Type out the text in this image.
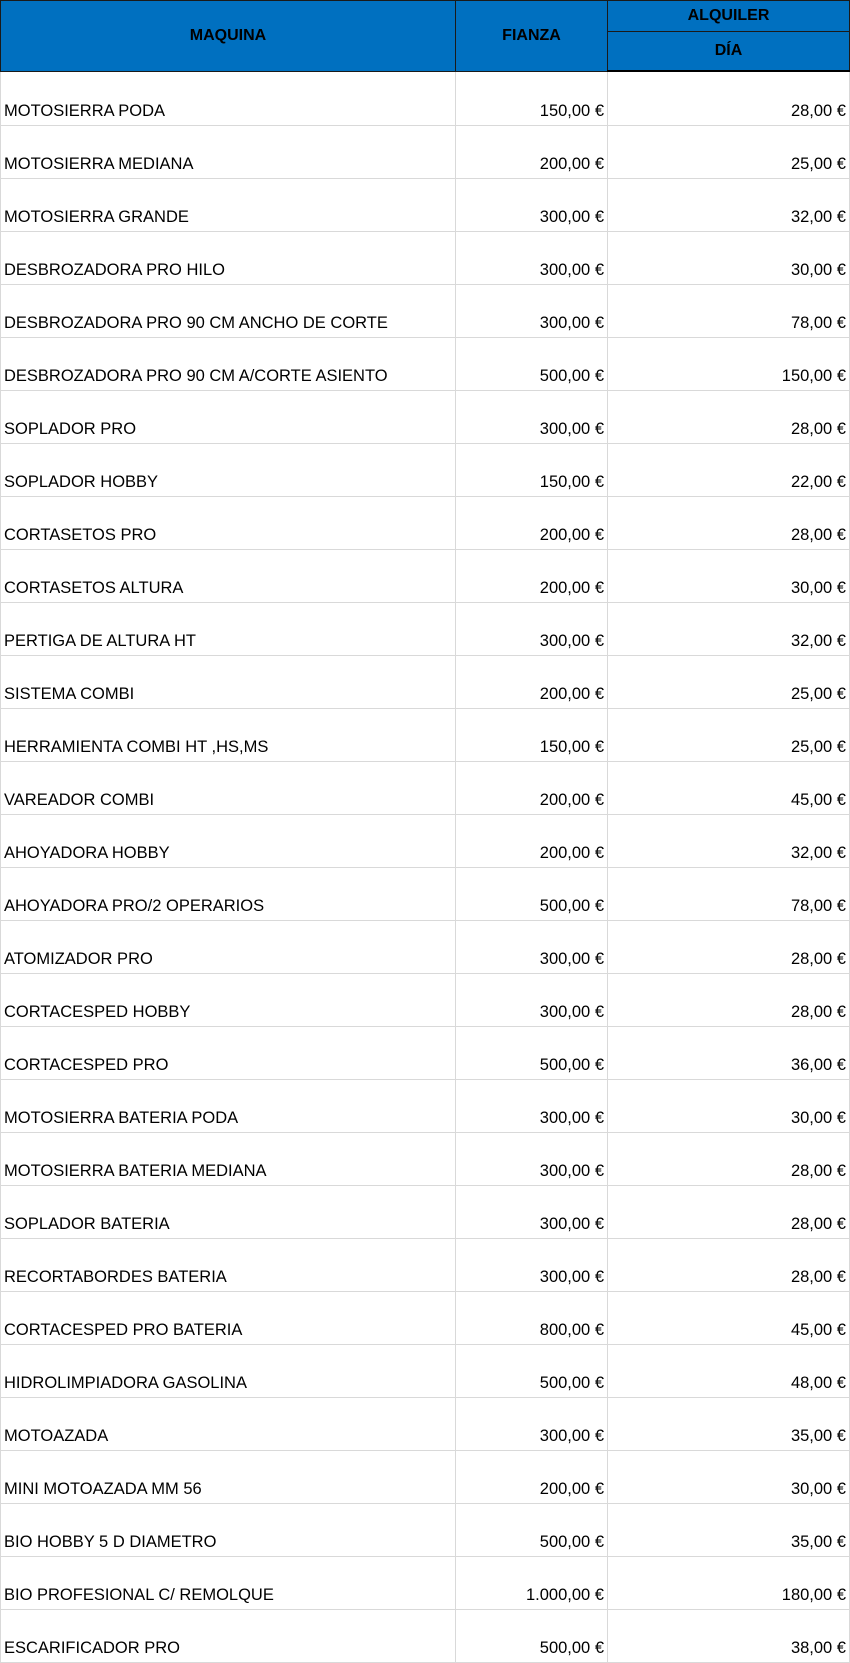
MAQUINA	FIANZA	ALQUILER
		DÍA
MOTOSIERRA PODA	150,00 €	28,00 €
MOTOSIERRA MEDIANA	200,00 €	25,00 €
MOTOSIERRA GRANDE	300,00 €	32,00 €
DESBROZADORA PRO HILO	300,00 €	30,00 €
DESBROZADORA PRO 90 CM ANCHO DE CORTE	300,00 €	78,00 €
DESBROZADORA PRO 90 CM A/CORTE ASIENTO	500,00 €	150,00 €
SOPLADOR PRO	300,00 €	28,00 €
SOPLADOR HOBBY	150,00 €	22,00 €
CORTASETOS PRO	200,00 €	28,00 €
CORTASETOS ALTURA	200,00 €	30,00 €
PERTIGA DE ALTURA HT	300,00 €	32,00 €
SISTEMA COMBI	200,00 €	25,00 €
HERRAMIENTA COMBI HT ,HS,MS	150,00 €	25,00 €
VAREADOR COMBI	200,00 €	45,00 €
AHOYADORA HOBBY	200,00 €	32,00 €
AHOYADORA PRO/2 OPERARIOS	500,00 €	78,00 €
ATOMIZADOR PRO	300,00 €	28,00 €
CORTACESPED HOBBY	300,00 €	28,00 €
CORTACESPED PRO	500,00 €	36,00 €
MOTOSIERRA BATERIA PODA	300,00 €	30,00 €
MOTOSIERRA BATERIA MEDIANA	300,00 €	28,00 €
SOPLADOR BATERIA	300,00 €	28,00 €
RECORTABORDES BATERIA	300,00 €	28,00 €
CORTACESPED PRO BATERIA	800,00 €	45,00 €
HIDROLIMPIADORA GASOLINA	500,00 €	48,00 €
MOTOAZADA	300,00 €	35,00 €
MINI MOTOAZADA MM 56	200,00 €	30,00 €
BIO HOBBY 5 D DIAMETRO	500,00 €	35,00 €
BIO PROFESIONAL C/ REMOLQUE	1.000,00 €	180,00 €
ESCARIFICADOR PRO	500,00 €	38,00 €
